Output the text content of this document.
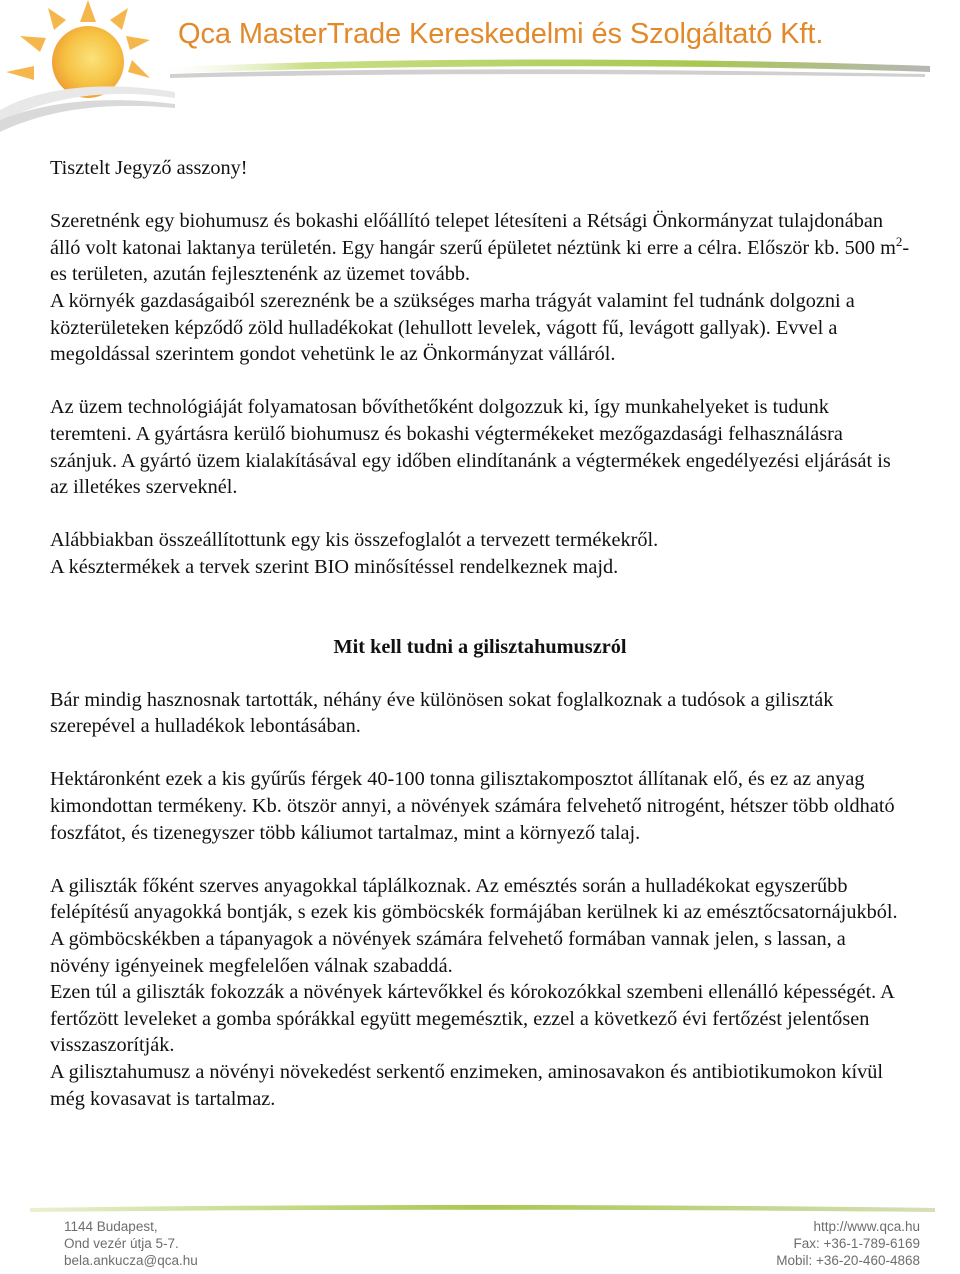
Qca MasterTrade Kereskedelmi és Szolgáltató Kft.

Tisztelt Jegyző asszony!

Szeretnénk egy biohumusz és bokashi előállító telepet létesíteni a Rétsági Önkormányzat tulajdonában álló volt katonai laktanya területén. Egy hangár szerű épületet néztünk ki erre a célra. Először kb. 500 $m^2-es$ területen, azután fejlesztenénk az üzemet tovább.

A környék gazdaságaiból szereznénk be a szükséges marha trágyát valamint fel tudnánk dolgozni a közterületeken képződő zöld hulladékokat (lehullott levelek, vágott fű, levágott gallyak). Evvel a megoldással szerintem gondot vehetünk le az Önkormányzat válláról.

Az üzem technológiáját folyamatosan bővíthetőként dolgozzuk ki, így munkahelyeket is tudunk teremteni. A gyártásra kerülő biohumusz és bokashi végtermékeket mezőgazdasági felhasználásra szánjuk. A gyártó üzem kialakításával egy időben elindítanánk a végtermékek engedélyezési eljárását is az illetékes szerveknél.

Alábbiakban összeállítottunk egy kis összefoglalót a tervezett termékekről.

A késztermékek a tervek szerint BIO minősítéssel rendelkeznek majd.

Mit kell tudni a gilisztahumuszról

Bár mindig hasznosnak tartották, néhány éve különösen sokat foglalkoznak a tudósok a giliszták szerepével a hulladékok lebontásában.

Hektáronként ezek a kis gyűrűs férgek 40-100 tonna gilisztakomposztot állítanak elő, és ez az anyag kimondottan termékeny. Kb. ötször annyi, a növények számára felvehető nitrogént, hétszer több oldható foszfátot, és tizenegyszer több káliumot tartalmaz, mint a környező talaj.

A giliszták főként szerves anyagokkal táplálkoznak. Az emésztés során a hulladékokat egyszerűbb felépítésű anyagokká bontják, s ezek kis gömböcskék formájában kerülnek ki az emésztőcsatornájukból. A gömböcskékben a tápanyagok a növények számára felvehető formában vannak jelen, s lassan, a növény igényeinek megfelelően válnak szabaddá.

Ezen túl a giliszták fokozzák a növények kártevőkkel és kórokozókkal szembeni ellenálló képességét. A fertőzött leveleket a gomba spórákkal együtt megemésztik, ezzel a következő évi fertőzést jelentősen visszaszorítják.

A gilisztahumusz a növényi növekedést serkentő enzimeken, aminosavakon és antibiotikumokon kívül még kovasavat is tartalmaz.

1144 Budapest,
Ond vezér útja 5-7.
bela.ankucza@qca.hu
http://www.qca.hu
Fax: +36-1-789-6169
Mobil: +36-20-460-4868
